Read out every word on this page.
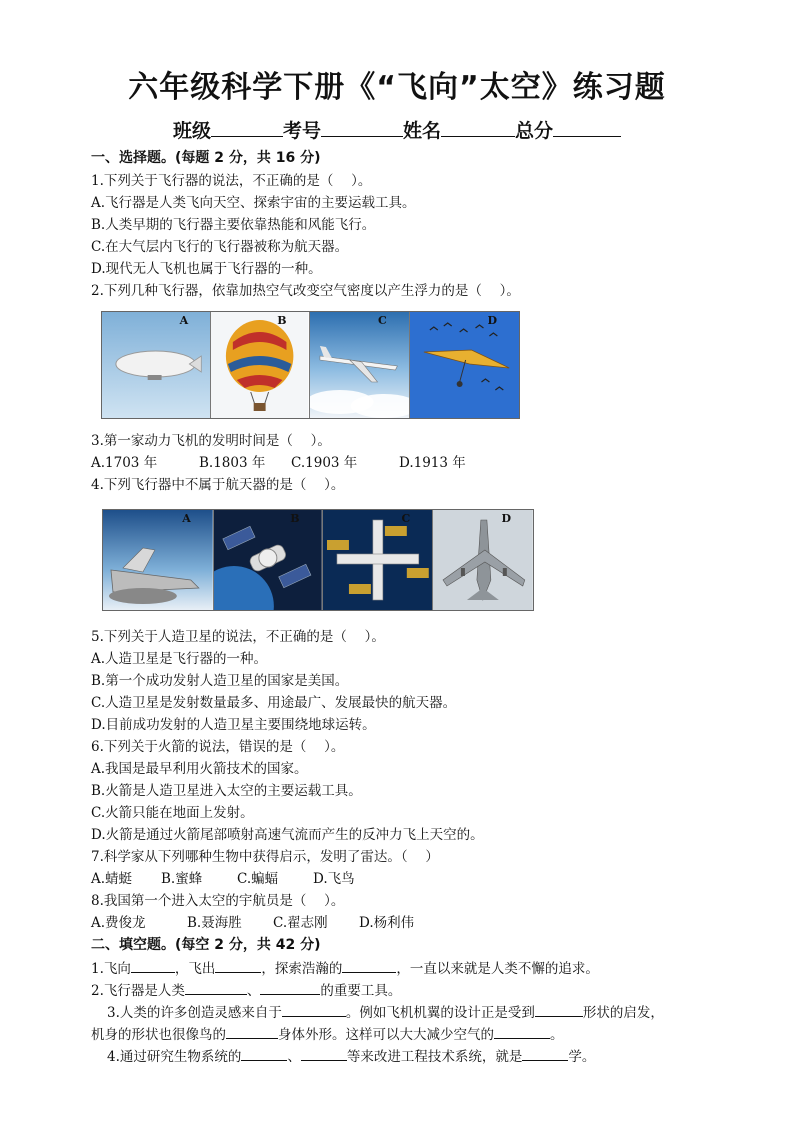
六年级科学下册《“飞向”太空》练习题
班级	考号	姓名	总分
一、选择题。(每题 2 分，共 16 分)
1.下列关于飞行器的说法，不正确的是（　 ）。
A.飞行器是人类飞向天空、探索宇宙的主要运载工具。
B.人类早期的飞行器主要依靠热能和风能飞行。
C.在大气层内飞行的飞行器被称为航天器。
D.现代无人飞机也属于飞行器的一种。
2.下列几种飞行器，依靠加热空气改变空气密度以产生浮力的是（　 ）。
A	B	C	D
3.第一家动力飞机的发明时间是（　 ）。
A.1703 年	B.1803 年 C.1903 年	D.1913 年
4.下列飞行器中不属于航天器的是（　 ）。
A	B	C	D
5.下列关于人造卫星的说法，不正确的是（　 ）。
A.人造卫星是飞行器的一种。
B.第一个成功发射人造卫星的国家是美国。
C.人造卫星是发射数量最多、用途最广、发展最快的航天器。
D.目前成功发射的人造卫星主要围绕地球运转。
6.下列关于火箭的说法，错误的是（　 ）。
A.我国是最早利用火箭技术的国家。
B.火箭是人造卫星进入太空的主要运载工具。
C.火箭只能在地面上发射。
D.火箭是通过火箭尾部喷射高速气流而产生的反冲力飞上天空的。
7.科学家从下列哪种生物中获得启示，发明了雷达。（　 ）
A.蜻蜓 B.蜜蜂	C.蝙蝠	D.飞鸟
8.我国第一个进入太空的宇航员是（　 ）。
A.费俊龙	B.聂海胜 C.翟志刚 D.杨利伟
二、填空题。(每空 2 分，共 42 分)
1.飞向	，飞出	，探索浩瀚的	，一直以来就是人类不懈的追求。
2.飞行器是人类	、	的重要工具。
3.人类的许多创造灵感来自于	。例如飞机机翼的设计正是受到	形状的启发，
机身的形状也很像鸟的	身体外形。这样可以大大减少空气的	。
4.通过研究生物系统的	、	等来改进工程技术系统，就是	学。
